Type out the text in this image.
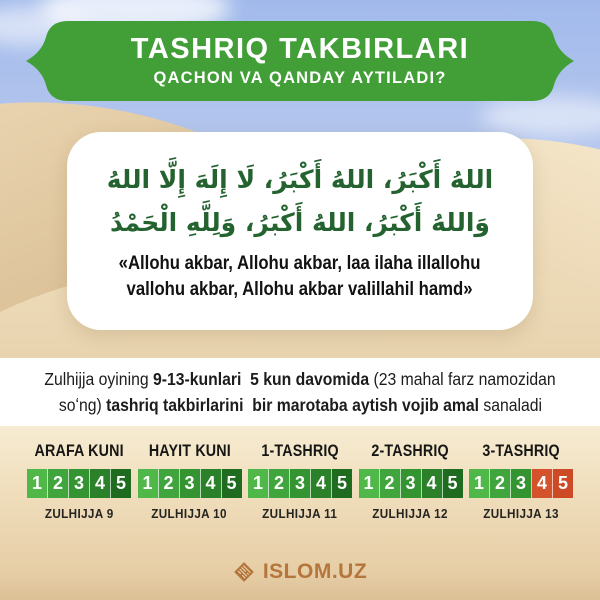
TASHRIQ TAKBIRLARI
QACHON VA QANDAY AYTILADI?
اللهُ أَكْبَرُ، اللهُ أَكْبَرُ، لَا إِلَهَ إِلَّا اللهُ
وَاللهُ أَكْبَرُ، اللهُ أَكْبَرُ، وَلِلَّهِ الْحَمْدُ
«Allohu akbar, Allohu akbar, laa ilaha illallohu
vallohu akbar, Allohu akbar valillahil hamd»
Zulhijja oyining 9-13-kunlari  5 kun davomida (23 mahal farz namozidan
soʻng) tashriq takbirlarini  bir marotaba aytish vojib amal sanaladi
ARAFA KUNI
1 2 3 4 5
ZULHIJJA 9
HAYIT KUNI
1 2 3 4 5
ZULHIJJA 10
1-TASHRIQ
1 2 3 4 5
ZULHIJJA 11
2-TASHRIQ
1 2 3 4 5
ZULHIJJA 12
3-TASHRIQ
1 2 3 4 5
ZULHIJJA 13
ISLOM.UZ
